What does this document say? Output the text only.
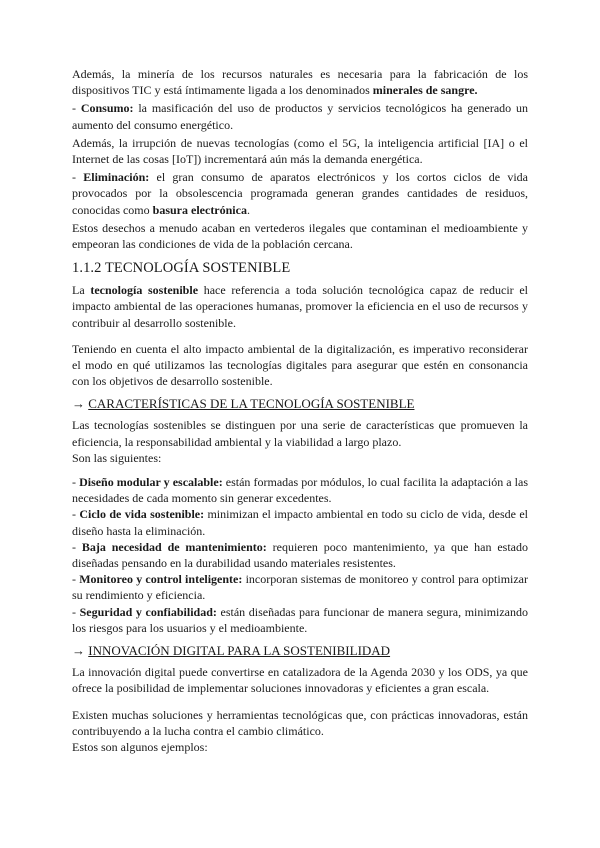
Además, la minería de los recursos naturales es necesaria para la fabricación de los dispositivos TIC y está íntimamente ligada a los denominados minerales de sangre.

- Consumo: la masificación del uso de productos y servicios tecnológicos ha generado un aumento del consumo energético.

Además, la irrupción de nuevas tecnologías (como el 5G, la inteligencia artificial [IA] o el Internet de las cosas [IoT]) incrementará aún más la demanda energética.

- Eliminación: el gran consumo de aparatos electrónicos y los cortos ciclos de vida provocados por la obsolescencia programada generan grandes cantidades de residuos, conocidas como basura electrónica.

Estos desechos a menudo acaban en vertederos ilegales que contaminan el medioambiente y empeoran las condiciones de vida de la población cercana.

1.1.2 TECNOLOGÍA SOSTENIBLE

La tecnología sostenible hace referencia a toda solución tecnológica capaz de reducir el impacto ambiental de las operaciones humanas, promover la eficiencia en el uso de recursos y contribuir al desarrollo sostenible.

Teniendo en cuenta el alto impacto ambiental de la digitalización, es imperativo reconsiderar el modo en qué utilizamos las tecnologías digitales para asegurar que estén en consonancia con los objetivos de desarrollo sostenible.

→ CARACTERÍSTICAS DE LA TECNOLOGÍA SOSTENIBLE

Las tecnologías sostenibles se distinguen por una serie de características que promueven la eficiencia, la responsabilidad ambiental y la viabilidad a largo plazo.

Son las siguientes:

- Diseño modular y escalable: están formadas por módulos, lo cual facilita la adaptación a las necesidades de cada momento sin generar excedentes.

- Ciclo de vida sostenible: minimizan el impacto ambiental en todo su ciclo de vida, desde el diseño hasta la eliminación.

- Baja necesidad de mantenimiento: requieren poco mantenimiento, ya que han estado diseñadas pensando en la durabilidad usando materiales resistentes.

- Monitoreo y control inteligente: incorporan sistemas de monitoreo y control para optimizar su rendimiento y eficiencia.

- Seguridad y confiabilidad: están diseñadas para funcionar de manera segura, minimizando los riesgos para los usuarios y el medioambiente.

→ INNOVACIÓN DIGITAL PARA LA SOSTENIBILIDAD

La innovación digital puede convertirse en catalizadora de la Agenda 2030 y los ODS, ya que ofrece la posibilidad de implementar soluciones innovadoras y eficientes a gran escala.

Existen muchas soluciones y herramientas tecnológicas que, con prácticas innovadoras, están contribuyendo a la lucha contra el cambio climático.

Estos son algunos ejemplos:
